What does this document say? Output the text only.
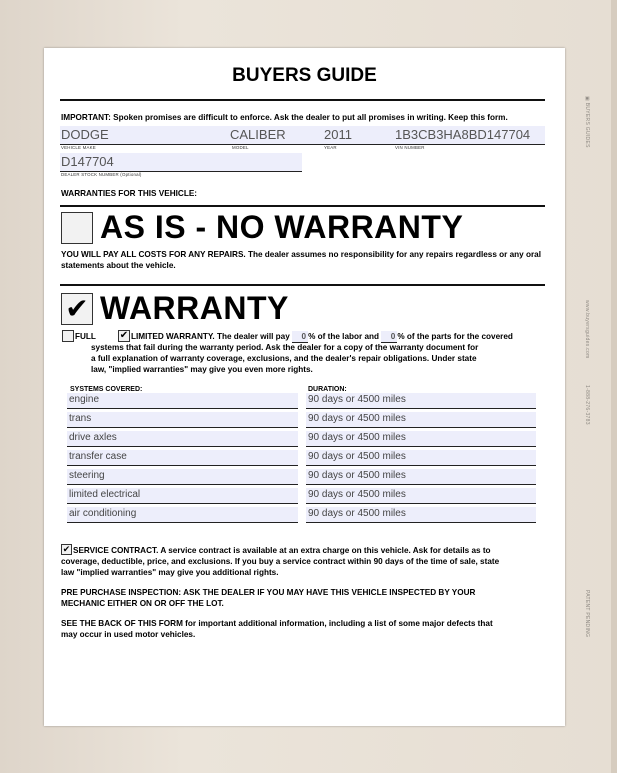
▣ BUYERS GUIDES
www.buyersguides.com
1-888-276-3783
PATENT PENDING
BUYERS GUIDE
IMPORTANT: Spoken promises are difficult to enforce. Ask the dealer to put all promises in writing. Keep this form.
DODGE	CALIBER	2011	1B3CB3HA8BD147704
VEHICLE MAKE	MODEL	YEAR	VIN NUMBER
D147704
DEALER STOCK NUMBER (Optional)
WARRANTIES FOR THIS VEHICLE:
AS IS - NO WARRANTY
YOU WILL PAY ALL COSTS FOR ANY REPAIRS. The dealer assumes no responsibility for any repairs regardless or any oral statements about the vehicle.
✔ WARRANTY
FULL ✔ LIMITED WARRANTY. The dealer will pay 0 % of the labor and 0 % of the parts for the covered
systems that fail during the warranty period. Ask the dealer for a copy of the warranty document for
a full explanation of warranty coverage, exclusions, and the dealer's repair obligations. Under state
law, "implied warranties" may give you even more rights.
SYSTEMS COVERED:	DURATION:
engine	90 days or 4500 miles
trans	90 days or 4500 miles
drive axles	90 days or 4500 miles
transfer case	90 days or 4500 miles
steering	90 days or 4500 miles
limited electrical	90 days or 4500 miles
air conditioning	90 days or 4500 miles
✔ SERVICE CONTRACT. A service contract is available at an extra charge on this vehicle. Ask for details as to
coverage, deductible, price, and exclusions. If you buy a service contract within 90 days of the time of sale, state
law "implied warranties" may give you additional rights.
PRE PURCHASE INSPECTION: ASK THE DEALER IF YOU MAY HAVE THIS VEHICLE INSPECTED BY YOUR
MECHANIC EITHER ON OR OFF THE LOT.
SEE THE BACK OF THIS FORM for important additional information, including a list of some major defects that
may occur in used motor vehicles.
